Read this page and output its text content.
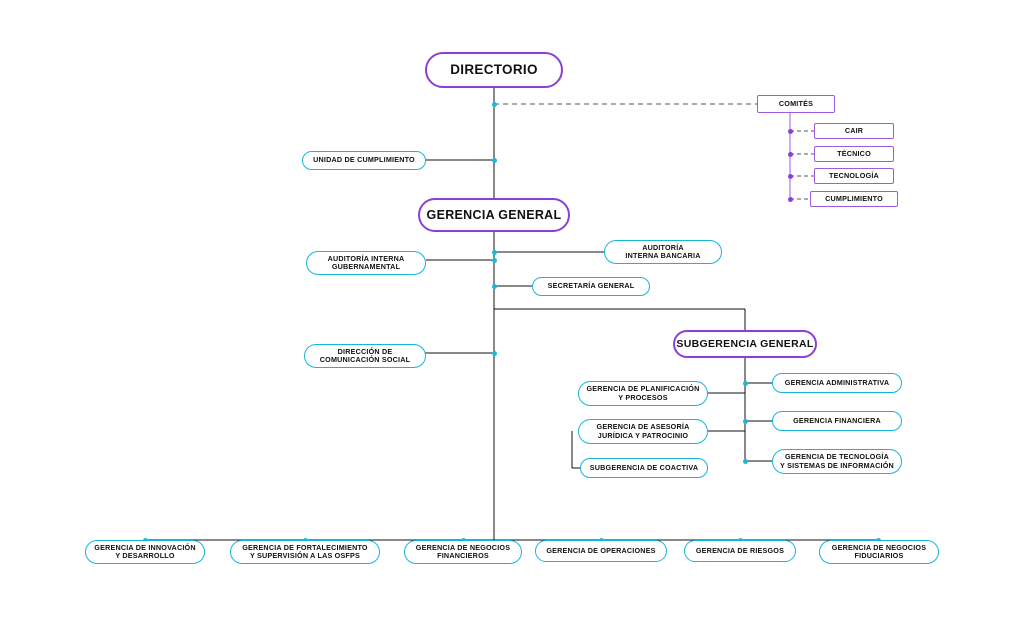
DIRECTORIO
COMITÉS
CAIR
TÉCNICO
TECNOLOGÍA
CUMPLIMIENTO
UNIDAD DE CUMPLIMIENTO
GERENCIA GENERAL
AUDITORÍA INTERNA
GUBERNAMENTAL
AUDITORÍA
INTERNA BANCARIA
SECRETARÍA GENERAL
DIRECCIÓN DE
COMUNICACIÓN SOCIAL
SUBGERENCIA GENERAL
GERENCIA DE PLANIFICACIÓN
Y PROCESOS
GERENCIA DE ASESORÍA
JURÍDICA Y PATROCINIO
SUBGERENCIA DE COACTIVA
GERENCIA ADMINISTRATIVA
GERENCIA FINANCIERA
GERENCIA DE TECNOLOGÍA
Y SISTEMAS DE INFORMACIÓN
GERENCIA DE INNOVACIÓN
Y DESARROLLO
GERENCIA DE FORTALECIMIENTO
Y SUPERVISIÓN A LAS OSFPS
GERENCIA DE NEGOCIOS
FINANCIEROS
GERENCIA DE OPERACIONES	GERENCIA DE RIESGOS	GERENCIA DE NEGOCIOS
FIDUCIARIOS
